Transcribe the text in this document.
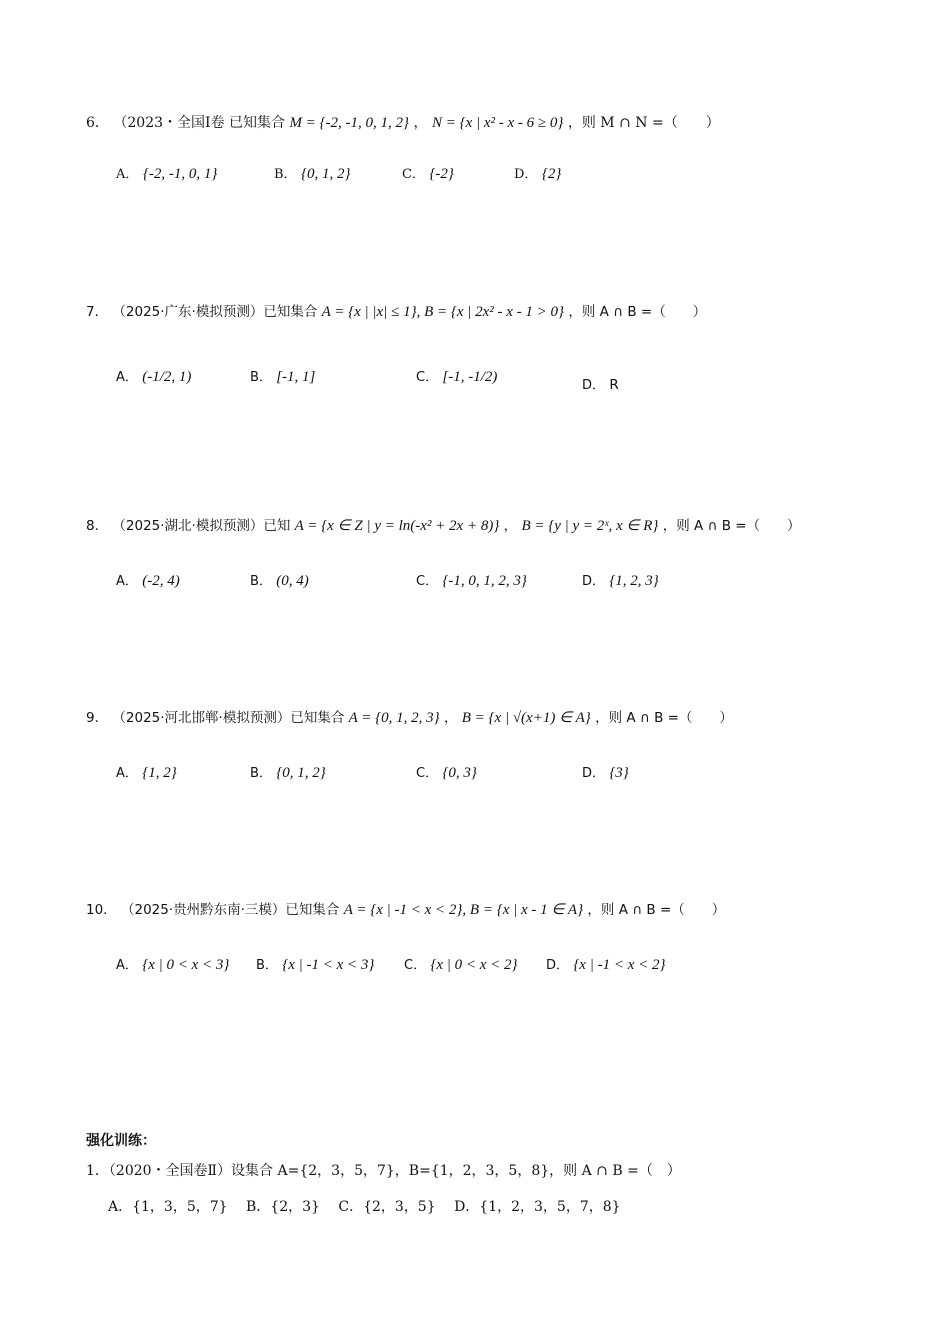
6． （2023・全国Ⅰ卷 已知集合 M = {-2, -1, 0, 1, 2} ， N = {x | x² - x - 6 ≥ 0} ，则 M ∩ N =（　　）
A． {-2, -1, 0, 1}	B． {0, 1, 2}	C． {-2}	D． {2}
7． （2025·广东·模拟预测）已知集合 A = {x | |x| ≤ 1}, B = {x | 2x² - x - 1 > 0} ，则 A ∩ B =（　　）
A． (-1/2, 1)	B． [-1, 1]	C． [-1, -1/2)
D． R
8． （2025·湖北·模拟预测）已知 A = {x ∈ Z | y = ln(-x² + 2x + 8)} ， B = {y | y = 2ˣ, x ∈ R} ，则 A ∩ B =（　　）
A． (-2, 4)	B． (0, 4)	C． {-1, 0, 1, 2, 3}	D． {1, 2, 3}
9． （2025·河北邯郸·模拟预测）已知集合 A = {0, 1, 2, 3} ， B = {x | √(x+1) ∈ A} ，则 A ∩ B =（　　）
A． {1, 2}	B． {0, 1, 2}	C． {0, 3}	D． {3}
10． （2025·贵州黔东南·三模）已知集合 A = {x | -1 < x < 2}, B = {x | x - 1 ∈ A} ，则 A ∩ B =（　　）
A． {x | 0 < x < 3} B． {x | -1 < x < 3} C． {x | 0 < x < 2} D． {x | -1 < x < 2}
强化训练：
1．（2020・全国卷Ⅱ）设集合 A={2，3，5，7}，B={1，2，3，5，8}，则 A ∩ B =（　）
A．{1，3，5，7}　 B．{2，3}　 C．{2，3，5}　 D．{1，2，3，5，7，8}
